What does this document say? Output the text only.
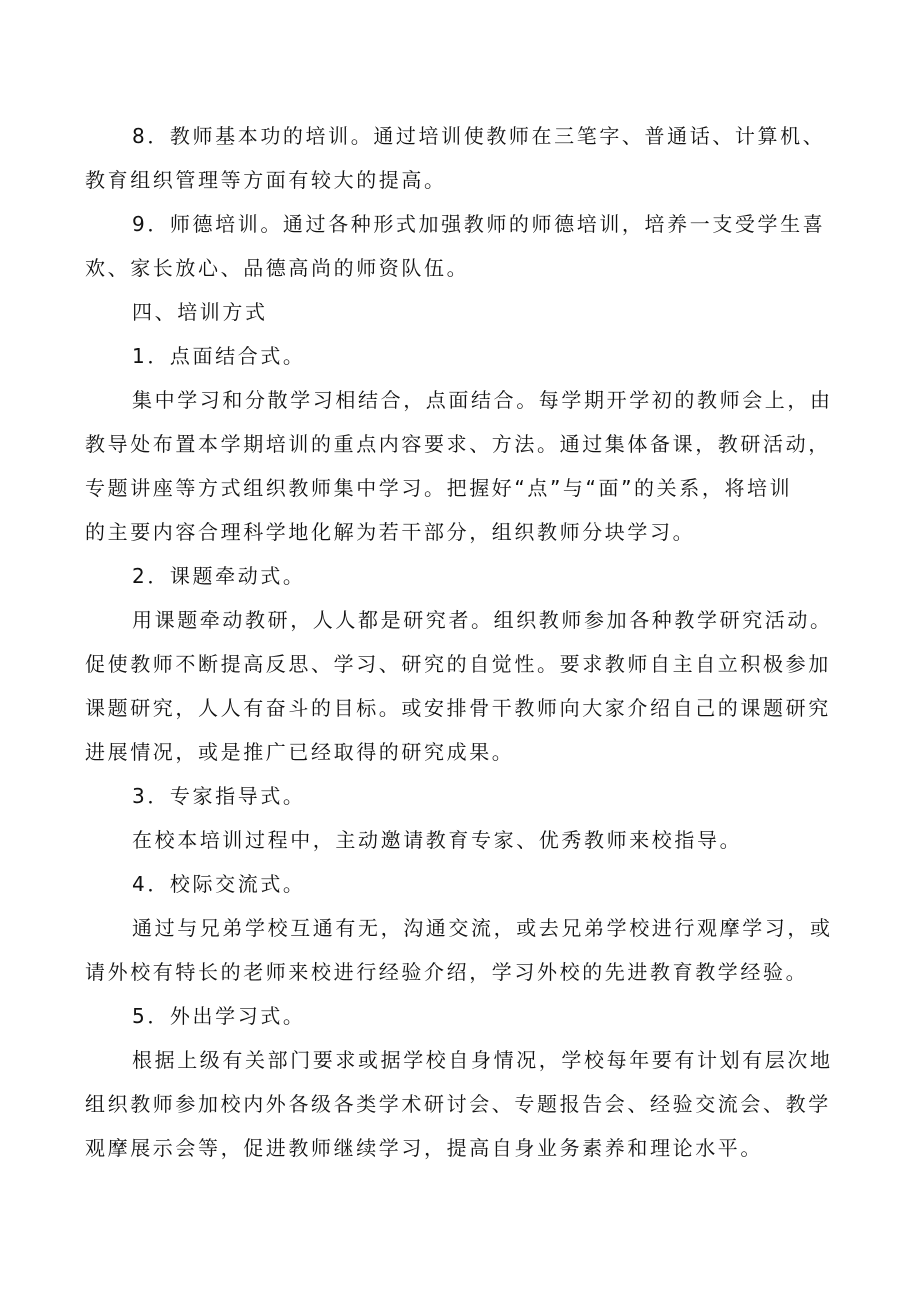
8．教师基本功的培训。通过培训使教师在三笔字、普通话、计算机、
教育组织管理等方面有较大的提高。
9．师德培训。通过各种形式加强教师的师德培训，培养一支受学生喜
欢、家长放心、品德高尚的师资队伍。
四、培训方式
1．点面结合式。
集中学习和分散学习相结合，点面结合。每学期开学初的教师会上，由
教导处布置本学期培训的重点内容要求、方法。通过集体备课，教研活动，
专题讲座等方式组织教师集中学习。把握好“点”与“面”的关系，将培训
的主要内容合理科学地化解为若干部分，组织教师分块学习。
2．课题牵动式。
用课题牵动教研，人人都是研究者。组织教师参加各种教学研究活动。
促使教师不断提高反思、学习、研究的自觉性。要求教师自主自立积极参加
课题研究，人人有奋斗的目标。或安排骨干教师向大家介绍自己的课题研究
进展情况，或是推广已经取得的研究成果。
3．专家指导式。
在校本培训过程中，主动邀请教育专家、优秀教师来校指导。
4．校际交流式。
通过与兄弟学校互通有无，沟通交流，或去兄弟学校进行观摩学习，或
请外校有特长的老师来校进行经验介绍，学习外校的先进教育教学经验。
5．外出学习式。
根据上级有关部门要求或据学校自身情况，学校每年要有计划有层次地
组织教师参加校内外各级各类学术研讨会、专题报告会、经验交流会、教学
观摩展示会等，促进教师继续学习，提高自身业务素养和理论水平。
